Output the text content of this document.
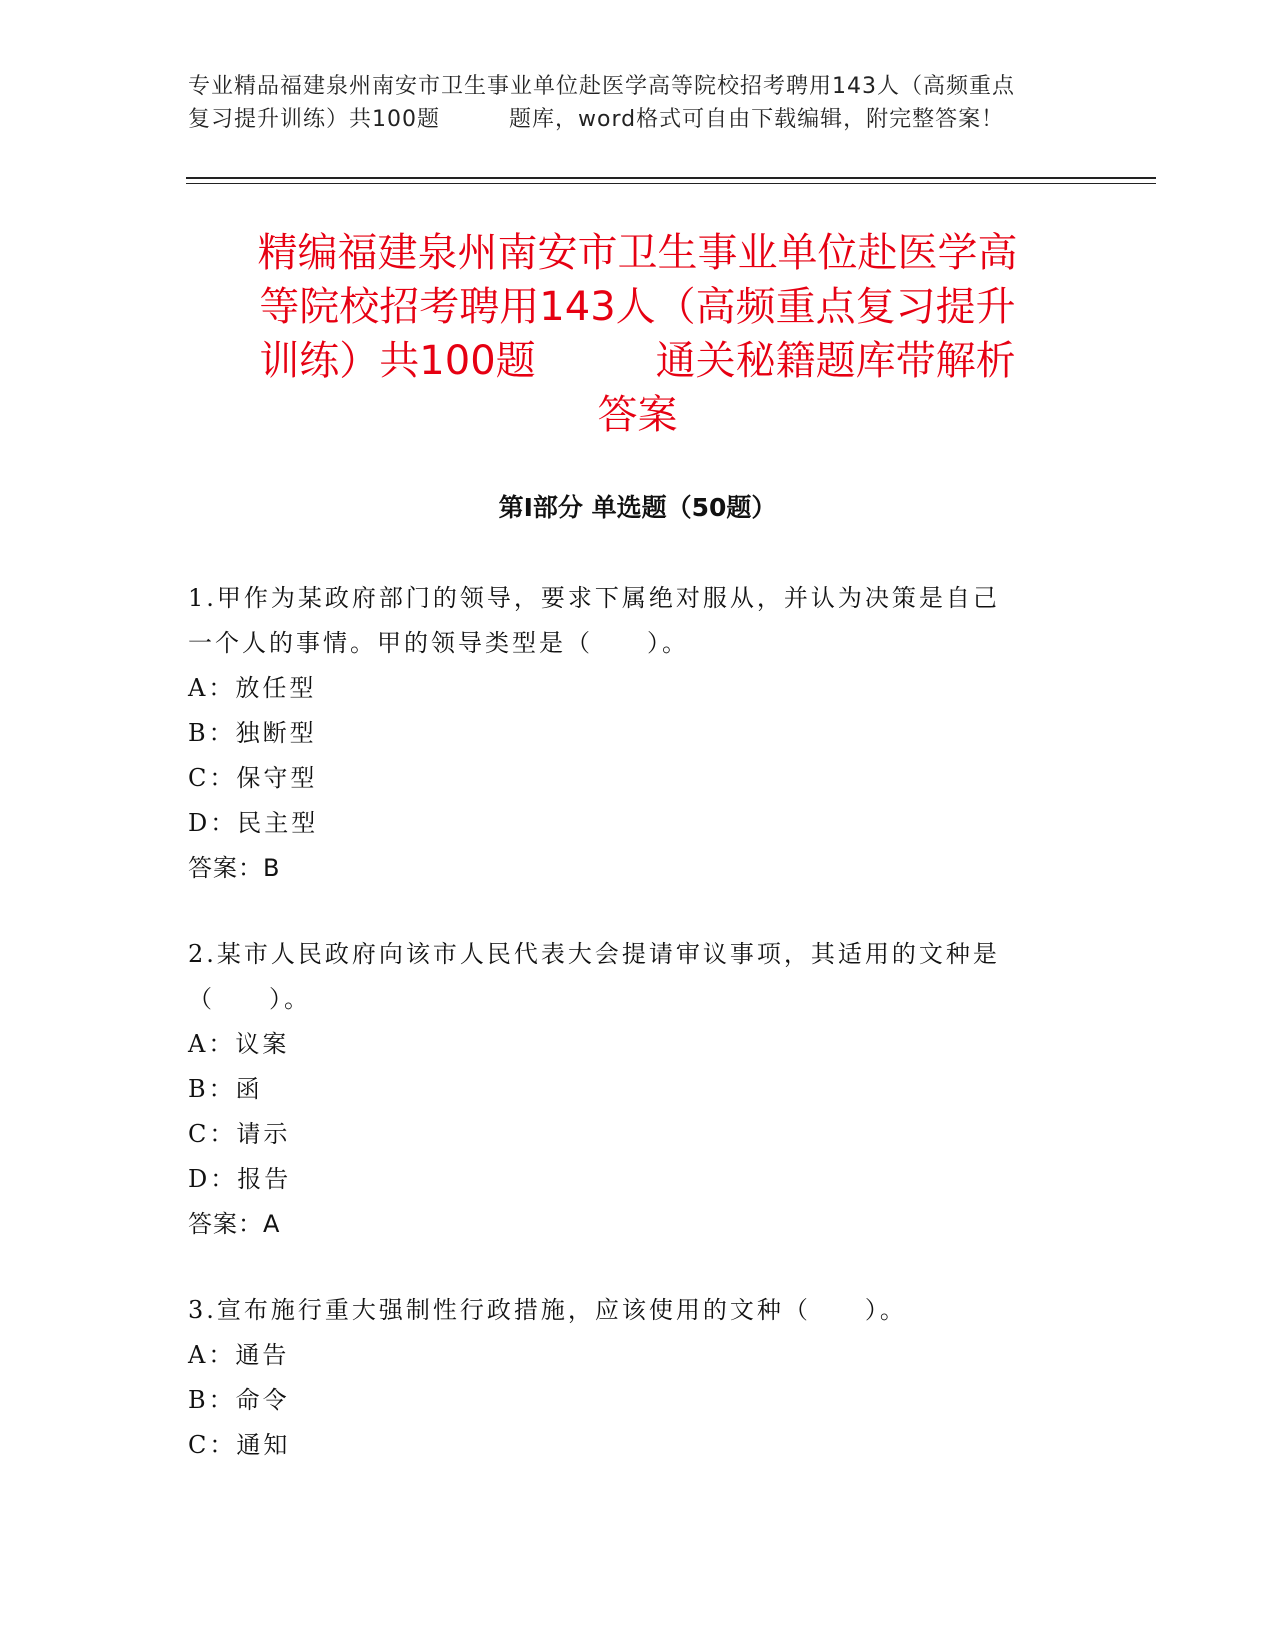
专业精品福建泉州南安市卫生事业单位赴医学高等院校招考聘用143人（高频重点
复习提升训练）共100题　　　题库，word格式可自由下载编辑，附完整答案！
精编福建泉州南安市卫生事业单位赴医学高
等院校招考聘用143人（高频重点复习提升
训练）共100题　　　通关秘籍题库带解析
答案
第Ⅰ部分 单选题（50题）

1.甲作为某政府部门的领导，要求下属绝对服从，并认为决策是自己

一个人的事情。甲的领导类型是（　　）。

A：放任型

B：独断型

C：保守型

D：民主型

答案：B

2.某市人民政府向该市人民代表大会提请审议事项，其适用的文种是

（　　）。

A：议案

B：函

C：请示

D：报告

答案：A

3.宣布施行重大强制性行政措施，应该使用的文种（　　）。

A：通告

B：命令

C：通知
